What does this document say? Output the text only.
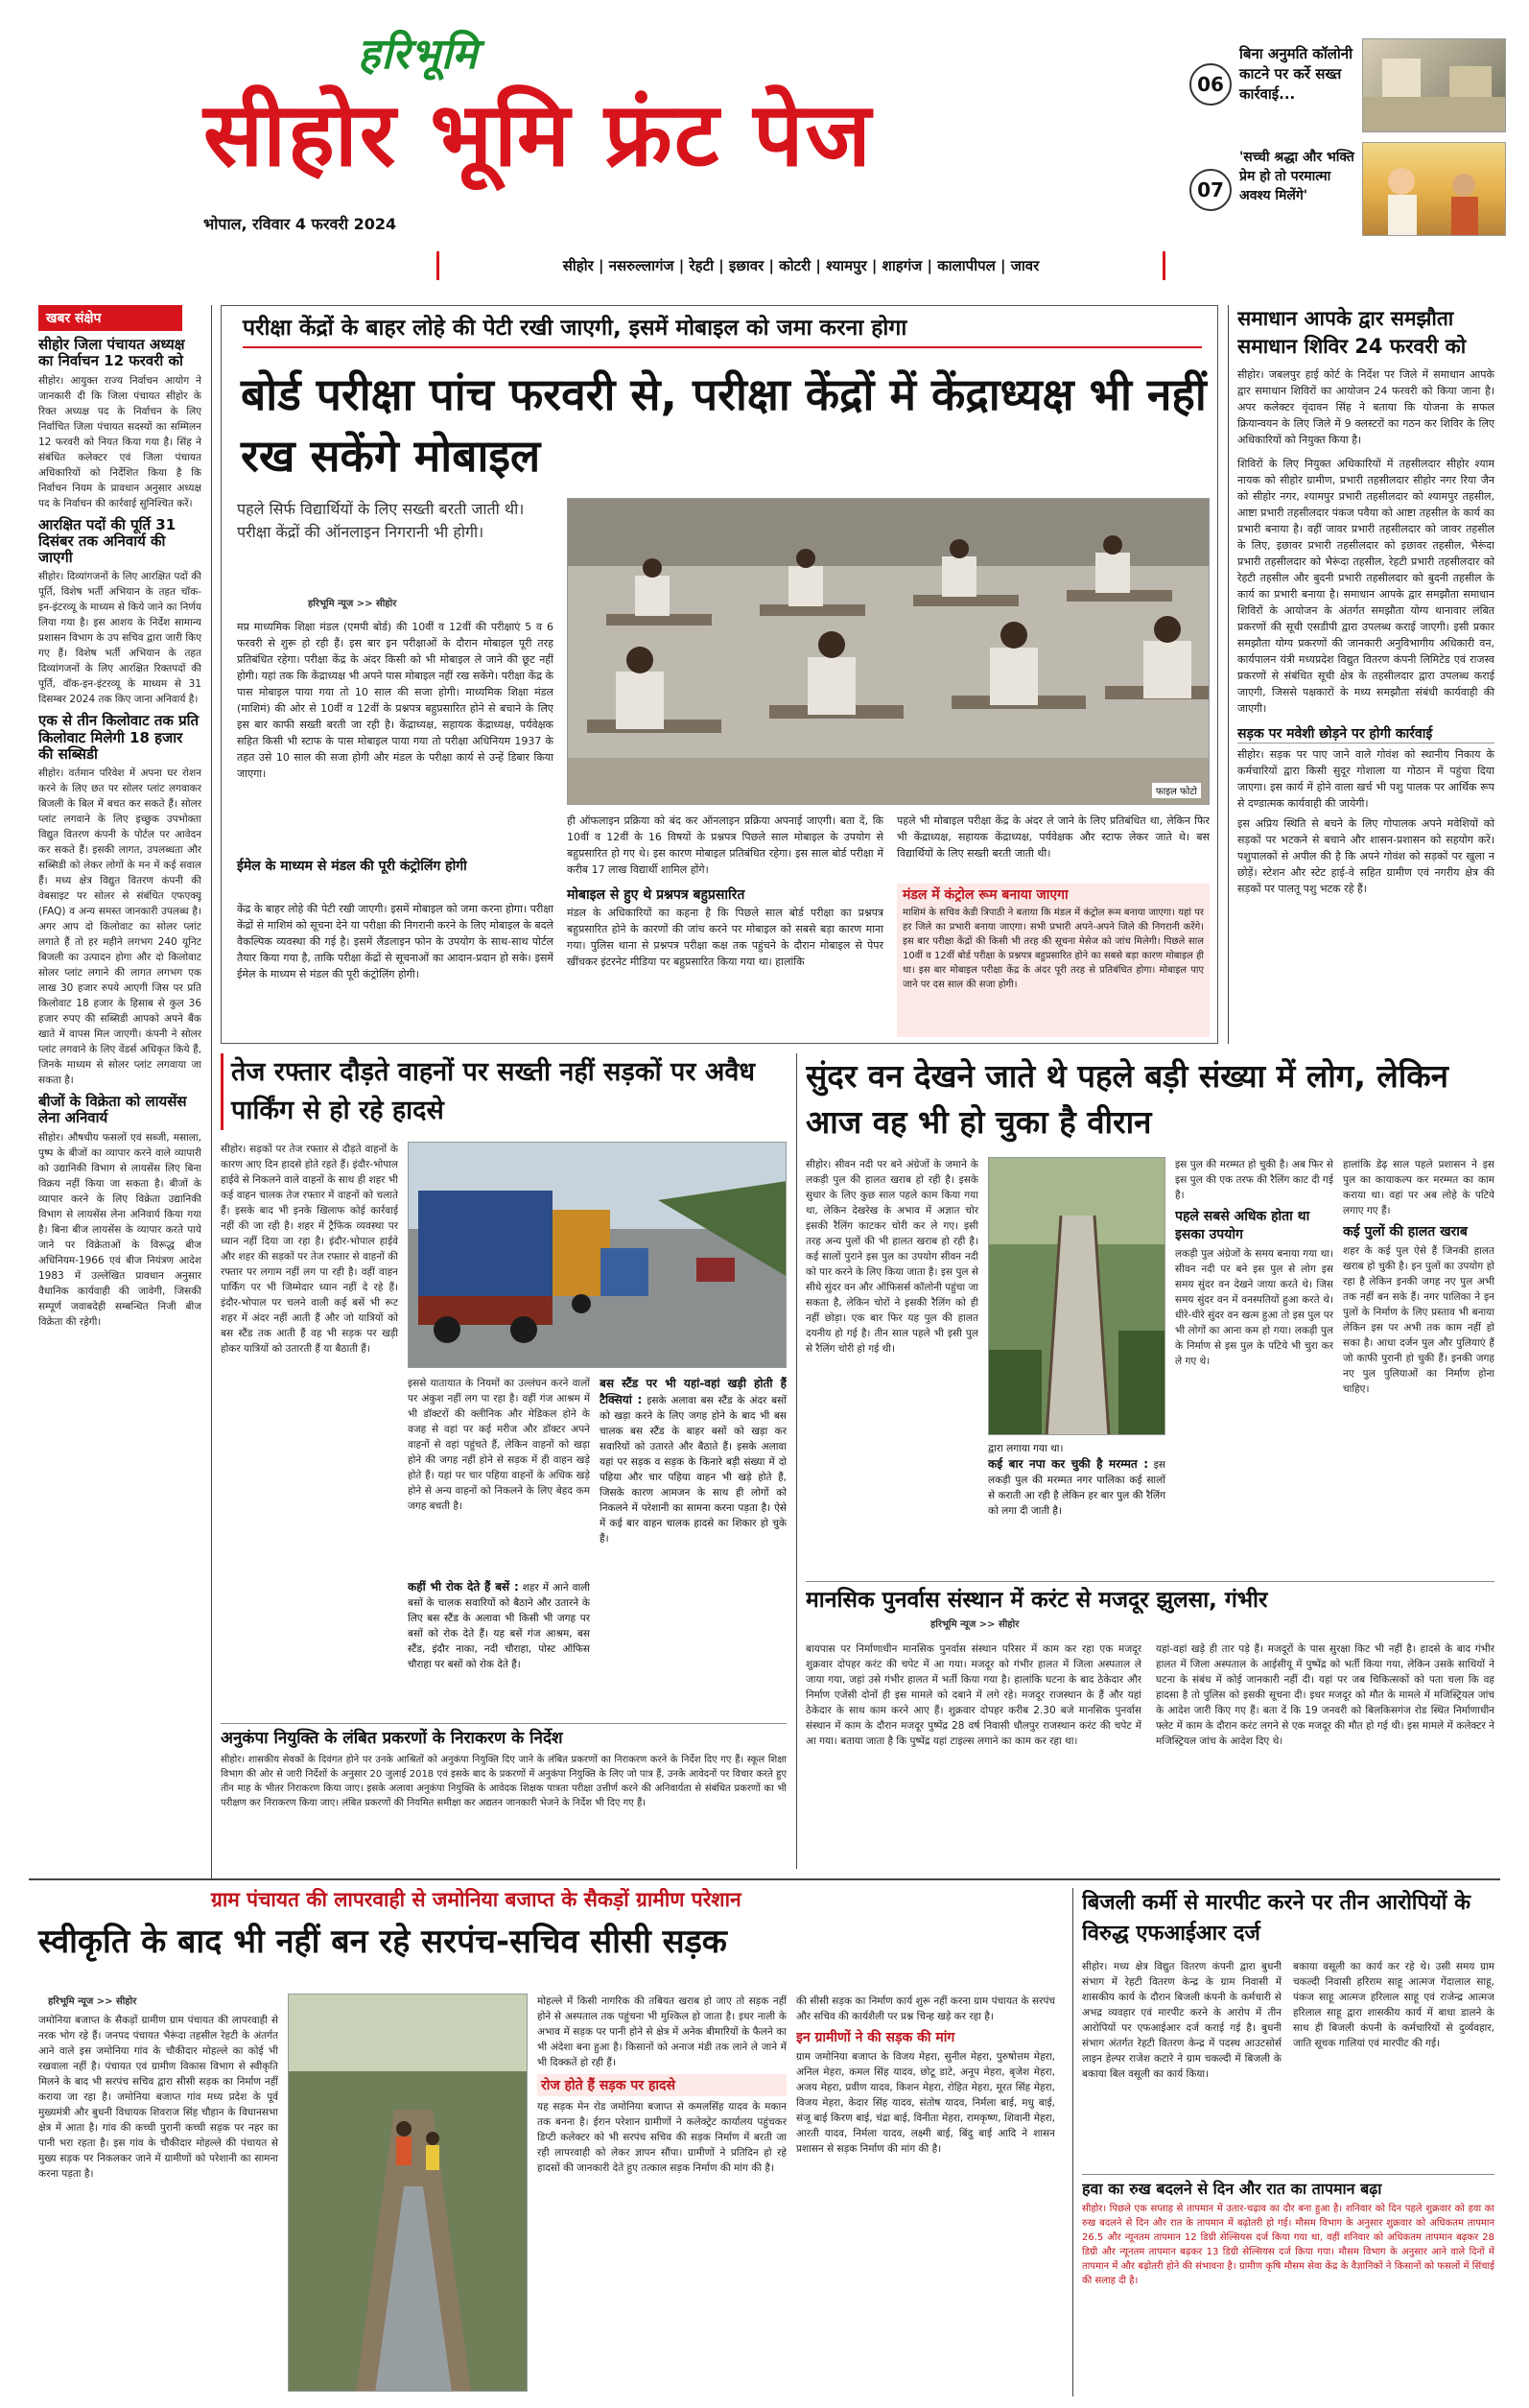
हरिभूमि
सीहोर भूमि फ्रंट पेज
भोपाल, रविवार 4 फरवरी 2024
06
बिना अनुमति कॉलोनी काटने पर कर्रे सख्त कार्रवाई...
07
'सच्ची श्रद्धा और भक्ति प्रेम हो तो परमात्मा अवश्य मिलेंगे'
सीहोर | नसरुल्लागंज | रेहटी | इछावर | कोटरी | श्यामपुर | शाहगंज | कालापीपल | जावर
खबर संक्षेप
सीहोर जिला पंचायत अध्यक्ष का निर्वाचन 12 फरवरी को
सीहोर। आयुक्त राज्य निर्वाचन आयोग ने जानकारी दी कि जिला पंचायत सीहोर के रिक्त अध्यक्ष पद के निर्वाचन के लिए निर्वाचित जिला पंचायत सदस्यों का सम्मिलन 12 फरवरी को नियत किया गया है। सिंह ने संबंधित कलेक्टर एवं जिला पंचायत अधिकारियों को निर्देशित किया है कि निर्वाचन नियम के प्रावधान अनुसार अध्यक्ष पद के निर्वाचन की कार्रवाई सुनिश्चित करें।
आरक्षित पदों की पूर्ति 31 दिसंबर तक अनिवार्य की जाएगी
सीहोर। दिव्यांगजनों के लिए आरक्षित पदों की पूर्ति, विशेष भर्ती अभियान के तहत चॉक-इन-इंटरव्यू के माध्यम से किये जाने का निर्णय लिया गया है। इस आशय के निर्देश सामान्य प्रशासन विभाग के उप सचिव द्वारा जारी किए गए हैं। विशेष भर्ती अभियान के तहत दिव्यांगजनों के लिए आरक्षित रिक्तपदों की पूर्ति, वॉक-इन-इंटरव्यू के माध्यम से 31 दिसम्बर 2024 तक किए जाना अनिवार्य है।
एक से तीन किलोवाट तक प्रति किलोवाट मिलेगी 18 हजार की सब्सिडी
सीहोर। वर्तमान परिवेश में अपना घर रोशन करने के लिए छत पर सोलर प्लांट लगवाकर बिजली के बिल में बचत कर सकते हैं। सोलर प्लांट लगवाने के लिए इच्छुक उपभोक्ता विद्युत वितरण कंपनी के पोर्टल पर आवेदन कर सकते हैं। इसकी लागत, उपलब्धता और सब्सिडी को लेकर लोगों के मन में कई सवाल हैं। मध्य क्षेत्र विद्युत वितरण कंपनी की वेबसाइट पर सोलर से संबंधित एफएक्यू (FAQ) व अन्य समस्त जानकारी उपलब्ध है। अगर आप दो किलोवाट का सोलर प्लांट लगाते हैं तो हर महीने लगभग 240 यूनिट बिजली का उत्पादन होगा और दो किलोवाट सोलर प्लांट लगाने की लागत लगभग एक लाख 30 हजार रुपये आएगी जिस पर प्रति किलोवाट 18 हजार के हिसाब से कुल 36 हजार रुपए की सब्सिडी आपको अपने बैंक खाते में वापस मिल जाएगी। कंपनी ने सोलर प्लांट लगवाने के लिए वेंडर्स अधिकृत किये हैं, जिनके माध्यम से सोलर प्लांट लगवाया जा सकता है।
बीजों के विक्रेता को लायसेंस लेना अनिवार्य
सीहोर। औषधीय फसलों एवं सब्जी, मसाला, पुष्प के बीजों का व्यापार करने वाले व्यापारी को उद्यानिकी विभाग से लायसेंस लिए बिना विक्रय नहीं किया जा सकता है। बीजों के व्यापार करने के लिए विक्रेता उद्यानिकी विभाग से लायसेंस लेना अनिवार्य किया गया है। बिना बीज लायसेंस के व्यापार करते पाये जाने पर विक्रेताओं के विरूद्ध बीज अधिनियम-1966 एवं बीज नियंत्रण आदेश 1983 में उल्लेखित प्रावधान अनुसार वैधानिक कार्यवाही की जावेगी, जिसकी सम्पूर्ण जवाबदेही सम्बन्धित निजी बीज विक्रेता की रहेगी।
परीक्षा केंद्रों के बाहर लोहे की पेटी रखी जाएगी, इसमें मोबाइल को जमा करना होगा
बोर्ड परीक्षा पांच फरवरी से, परीक्षा केंद्रों में केंद्राध्यक्ष भी नहीं रख सकेंगे मोबाइल
पहले सिर्फ विद्यार्थियों के लिए सख्ती बरती जाती थी। परीक्षा केंद्रों की ऑनलाइन निगरानी भी होगी।
हरिभूमि न्यूज >> सीहोर
फाइल फोटो
मप्र माध्यमिक शिक्षा मंडल (एमपी बोर्ड) की 10वीं व 12वीं की परीक्षाएं 5 व 6 फरवरी से शुरू हो रही हैं। इस बार इन परीक्षाओं के दौरान मोबाइल पूरी तरह प्रतिबंधित रहेगा। परीक्षा केंद्र के अंदर किसी को भी मोबाइल ले जाने की छूट नहीं होगी। यहां तक कि केंद्राध्यक्ष भी अपने पास मोबाइल नहीं रख सकेंगे। परीक्षा केंद्र के पास मोबाइल पाया गया तो 10 साल की सजा होगी। माध्यमिक शिक्षा मंडल (माशिमं) की ओर से 10वीं व 12वीं के प्रश्नपत्र बहुप्रसारित होने से बचाने के लिए इस बार काफी सख्ती बरती जा रही है। केंद्राध्यक्ष, सहायक केंद्राध्यक्ष, पर्यवेक्षक सहित किसी भी स्टाफ के पास मोबाइल पाया गया तो परीक्षा अधिनियम 1937 के तहत उसे 10 साल की सजा होगी और मंडल के परीक्षा कार्य से उन्हें डिबार किया जाएगा।
ईमेल के माध्यम से मंडल की पूरी कंट्रोलिंग होगी
केंद्र के बाहर लोहे की पेटी रखी जाएगी। इसमें मोबाइल को जमा करना होगा। परीक्षा केंद्रों से माशिमं को सूचना देने या परीक्षा की निगरानी करने के लिए मोबाइल के बदले वैकल्पिक व्यवस्था की गई है। इसमें लैंडलाइन फोन के उपयोग के साथ-साथ पोर्टल तैयार किया गया है, ताकि परीक्षा केंद्रों से सूचनाओं का आदान-प्रदान हो सके। इसमें ईमेल के माध्यम से मंडल की पूरी कंट्रोलिंग होगी।
ही ऑफलाइन प्रक्रिया को बंद कर ऑनलाइन प्रक्रिया अपनाई जाएगी। बता दें, कि 10वीं व 12वीं के 16 विषयों के प्रश्नपत्र पिछले साल मोबाइल के उपयोग से बहुप्रसारित हो गए थे। इस कारण मोबाइल प्रतिबंधित रहेगा। इस साल बोर्ड परीक्षा में करीब 17 लाख विद्यार्थी शामिल होंगे।
मोबाइल से हुए थे प्रश्नपत्र बहुप्रसारित
मंडल के अधिकारियों का कहना है कि पिछले साल बोर्ड परीक्षा का प्रश्नपत्र बहुप्रसारित होने के कारणों की जांच करने पर मोबाइल को सबसे बड़ा कारण माना गया। पुलिस थाना से प्रश्नपत्र परीक्षा कक्ष तक पहुंचने के दौरान मोबाइल से पेपर खींचकर इंटरनेट मीडिया पर बहुप्रसारित किया गया था। हालांकि
पहले भी मोबाइल परीक्षा केंद्र के अंदर ले जाने के लिए प्रतिबंधित था, लेकिन फिर भी केंद्राध्यक्ष, सहायक केंद्राध्यक्ष, पर्यवेक्षक और स्टाफ लेकर जाते थे। बस विद्यार्थियों के लिए सख्ती बरती जाती थी।
मंडल में कंट्रोल रूम बनाया जाएगा
माशिमं के सचिव केडी त्रिपाठी ने बताया कि मंडल में कंट्रोल रूम बनाया जाएगा। यहां पर हर जिले का प्रभारी बनाया जाएगा। सभी प्रभारी अपने-अपने जिले की निगरानी करेंगे। इस बार परीक्षा केंद्रों की किसी भी तरह की सूचना मेसेज को जांच मिलेगी। पिछले साल 10वीं व 12वीं बोर्ड परीक्षा के प्रश्नपत्र बहुप्रसारित होने का सबसे बड़ा कारण मोबाइल ही था। इस बार मोबाइल परीक्षा केंद्र के अंदर पूरी तरह से प्रतिबंधित होगा। मोबाइल पाए जाने पर दस साल की सजा होगी।
समाधान आपके द्वार समझौता समाधान शिविर 24 फरवरी को
सीहोर। जबलपुर हाई कोर्ट के निर्देश पर जिले में समाधान आपके द्वार समाधान शिविरों का आयोजन 24 फरवरी को किया जाना है। अपर कलेक्टर वृंदावन सिंह ने बताया कि योजना के सफल क्रियान्वयन के लिए जिले में 9 क्लस्टरों का गठन कर शिविर के लिए अधिकारियों को नियुक्त किया है।
शिविरों के लिए नियुक्त अधिकारियों में तहसीलदार सीहोर श्याम नायक को सीहोर ग्रामीण, प्रभारी तहसीलदार सीहोर नगर रिया जैन को सीहोर नगर, श्यामपुर प्रभारी तहसीलदार को श्यामपुर तहसील, आष्टा प्रभारी तहसीलदार पंकज पवैया को आष्टा तहसील के कार्य का प्रभारी बनाया है। वहीं जावर प्रभारी तहसीलदार को जावर तहसील के लिए, इछावर प्रभारी तहसीलदार को इछावर तहसील, भैरूंदा प्रभारी तहसीलदार को भैरूंदा तहसील, रेहटी प्रभारी तहसीलदार को रेहटी तहसील और बुदनी प्रभारी तहसीलदार को बुदनी तहसील के कार्य का प्रभारी बनाया है। समाधान आपके द्वार समझौता समाधान शिविरों के आयोजन के अंतर्गत समझौता योग्य थानावार लंबित प्रकरणों की सूची एसडीपी द्वारा उपलब्ध कराई जाएगी। इसी प्रकार समझौता योग्य प्रकरणों की जानकारी अनुविभागीय अधिकारी वन, कार्यपालन यंत्री मध्यप्रदेश विद्युत वितरण कंपनी लिमिटेड एवं राजस्व प्रकरणों से संबंधित सूची क्षेत्र के तहसीलदार द्वारा उपलब्ध कराई जाएगी, जिससे पक्षकारों के मध्य समझौता संबंधी कार्यवाही की जाएगी।
सड़क पर मवेशी छोड़ने पर होगी कार्रवाई
सीहोर। सड़क पर पाए जाने वाले गोवंश को स्थानीय निकाय के कर्मचारियों द्वारा किसी सुदूर गोशाला या गोठान में पहुंचा दिया जाएगा। इस कार्य में होने वाला खर्च भी पशु पालक पर आर्थिक रूप से दण्डात्मक कार्यवाही की जायेगी।
इस अप्रिय स्थिति से बचने के लिए गोपालक अपने मवेशियों को सड़कों पर भटकने से बचाने और शासन-प्रशासन को सहयोग करें। पशुपालकों से अपील की है कि अपने गोवंश को सड़कों पर खुला न छोड़ें। स्टेशन और स्टेट हाई-वे सहित ग्रामीण एवं नगरीय क्षेत्र की सड़कों पर पालतू पशु भटक रहे हैं।
तेज रफ्तार दौड़ते वाहनों पर सख्ती नहीं सड़कों पर अवैध पार्किंग से हो रहे हादसे
सीहोर। सड़कों पर तेज रफ्तार से दौड़ते वाहनों के कारण आए दिन हादसे होते रहते हैं। इंदौर-भोपाल हाईवे से निकलने वाले वाहनों के साथ ही शहर भी कई वाहन चालक तेज रफ्तार में वाहनों को चलाते हैं। इसके बाद भी इनके खिलाफ कोई कार्रवाई नहीं की जा रही है। शहर में ट्रैफिक व्यवस्था पर ध्यान नहीं दिया जा रहा है। इंदौर-भोपाल हाईवे और शहर की सड़कों पर तेज रफ्तार से वाहनों की रफ्तार पर लगाम नहीं लग पा रही है। वहीं वाहन पार्किंग पर भी जिम्मेदार ध्यान नहीं दे रहे हैं। इंदौर-भोपाल पर चलने वाली कई बसें भी रूट शहर में अंदर नहीं आती हैं और जो यात्रियों को बस स्टैंड तक आती हैं वह भी सड़क पर खड़ी होकर यात्रियों को उतारती हैं या बैठाती हैं।
इससे यातायात के नियमों का उल्लंघन करने वालों पर अंकुश नहीं लग पा रहा है। वहीं गंज आश्रम में भी डॉक्टरों की क्लीनिक और मेडिकल होने के वजह से वहां पर कई मरीज और डॉक्टर अपने वाहनों से वहां पहुंचते हैं, लेकिन वाहनों को खड़ा होने की जगह नहीं होने से सड़क में ही वाहन खड़े होते हैं। यहां पर चार पहिया वाहनों के अधिक खड़े होने से अन्य वाहनों को निकलने के लिए बेहद कम जगह बचती है।
कहीं भी रोक देते हैं बसें : शहर में आने वाली बसों के चालक सवारियों को बैठाने और उतारने के लिए बस स्टैंड के अलावा भी किसी भी जगह पर बसों को रोक देते हैं। यह बसें गंज आश्रम, बस स्टैंड, इंदौर नाका, नदी चौराहा, पोस्ट ऑफिस चौराहा पर बसों को रोक देते हैं।
बस स्टैंड पर भी यहां-वहां खड़ी होती हैं टैक्सियां : इसके अलावा बस स्टैंड के अंदर बसों को खड़ा करने के लिए जगह होने के बाद भी बस चालक बस स्टैंड के बाहर बसों को खड़ा कर सवारियों को उतारते और बैठाते हैं। इसके अलावा यहां पर सड़क व सड़क के किनारे बड़ी संख्या में दो पहिया और चार पहिया वाहन भी खड़े होते हैं, जिसके कारण आमजन के साथ ही लोगों को निकलने में परेशानी का सामना करना पड़ता है। ऐसे में कई बार वाहन चालक हादसे का शिकार हो चुके हैं।
अनुकंपा नियुक्ति के लंबित प्रकरणों के निराकरण के निर्देश
सीहोर। शासकीय सेवकों के दिवंगत होने पर उनके आश्रितों को अनुकंपा नियुक्ति दिए जाने के लंबित प्रकरणों का निराकरण करने के निर्देश दिए गए हैं। स्कूल शिक्षा विभाग की ओर से जारी निर्देशों के अनुसार 20 जुलाई 2018 एवं इसके बाद के प्रकरणों में अनुकंपा नियुक्ति के लिए जो पात्र हैं, उनके आवेदनों पर विचार करते हुए तीन माह के भीतर निराकरण किया जाए। इसके अलावा अनुकंपा नियुक्ति के आवेदक शिक्षक पात्रता परीक्षा उत्तीर्ण करने की अनिवार्यता से संबंधित प्रकरणों का भी परीक्षण कर निराकरण किया जाए। लंबित प्रकरणों की नियमित समीक्षा कर अद्यतन जानकारी भेजने के निर्देश भी दिए गए हैं।
सुंदर वन देखने जाते थे पहले बड़ी संख्या में लोग, लेकिन आज वह भी हो चुका है वीरान
सीहोर। सीवन नदी पर बने अंग्रेजों के जमाने के लकड़ी पुल की हालत खराब हो रही है। इसके सुधार के लिए कुछ साल पहले काम किया गया था, लेकिन देखरेख के अभाव में अज्ञात चोर इसकी रैलिंग काटकर चोरी कर ले गए। इसी तरह अन्य पुलों की भी हालत खराब हो रही है। कई सालों पुराने इस पुल का उपयोग सीवन नदी को पार करने के लिए किया जाता है। इस पुल से सीधे सुंदर वन और ऑफिसर्स कॉलोनी पहुंचा जा सकता है, लेकिन चोरों ने इसकी रैलिंग को ही नहीं छोड़ा। एक बार फिर यह पुल की हालत दयनीय हो गई है। तीन साल पहले भी इसी पुल से रैलिंग चोरी हो गई थी।
द्वारा लगाया गया था।
कई बार नपा कर चुकी है मरम्मत : इस लकड़ी पुल की मरम्मत नगर पालिका कई सालों से कराती आ रही है लेकिन हर बार पुल की रैलिंग को लगा दी जाती है।
इस पुल की मरम्मत हो चुकी है। अब फिर से इस पुल की एक तरफ की रैलिंग काट दी गई है।
पहले सबसे अधिक होता था इसका उपयोग
लकड़ी पुल अंग्रेजों के समय बनाया गया था। सीवन नदी पर बने इस पुल से लोग इस समय सुंदर वन देखने जाया करते थे। जिस समय सुंदर वन में वनस्पतियों हुआ करते थे। धीरे-धीरे सुंदर वन खत्म हुआ तो इस पुल पर भी लोगों का आना कम हो गया। लकड़ी पुल के निर्माण से इस पुल के पटिये भी चुरा कर ले गए थे।
हालांकि डेढ़ साल पहले प्रशासन ने इस पुल का कायाकल्प कर मरम्मत का काम कराया था। वहां पर अब लोहे के पटिये लगाए गए हैं।
कई पुलों की हालत खराब
शहर के कई पुल ऐसे हैं जिनकी हालत खराब हो चुकी है। इन पुलों का उपयोग हो रहा है लेकिन इनकी जगह नए पुल अभी तक नहीं बन सके हैं। नगर पालिका ने इन पुलों के निर्माण के लिए प्रस्ताव भी बनाया लेकिन इस पर अभी तक काम नहीं हो सका है। आधा दर्जन पुल और पुलियाएं हैं जो काफी पुरानी हो चुकी हैं। इनकी जगह नए पुल पुलियाओं का निर्माण होना चाहिए।
मानसिक पुनर्वास संस्थान में करंट से मजदूर झुलसा, गंभीर
हरिभूमि न्यूज >> सीहोर
बायपास पर निर्माणाधीन मानसिक पुनर्वास संस्थान परिसर में काम कर रहा एक मजदूर शुक्रवार दोपहर करंट की चपेट में आ गया। मजदूर को गंभीर हालत में जिला अस्पताल ले जाया गया, जहां उसे गंभीर हालत में भर्ती किया गया है। हालांकि घटना के बाद ठेकेदार और निर्माण एजेंसी दोनों ही इस मामले को दबाने में लगे रहे। मजदूर राजस्थान के हैं और यहां ठेकेदार के साथ काम करने आए हैं। शुक्रवार दोपहर करीब 2.30 बजे मानसिक पुनर्वास संस्थान में काम के दौरान मजदूर पुष्पेंद्र 28 वर्ष निवासी धौलपुर राजस्थान करंट की चपेट में आ गया। बताया जाता है कि पुष्पेंद्र यहां टाइल्स लगाने का काम कर रहा था।
यहां-वहां खड़े ही तार पड़े हैं। मजदूरों के पास सुरक्षा किट भी नहीं है। हादसे के बाद गंभीर हालत में जिला अस्पताल के आईसीयू में पुष्पेंद्र को भर्ती किया गया, लेकिन उसके साथियों ने घटना के संबंध में कोई जानकारी नहीं दी। यहां पर जब चिकित्सकों को पता चला कि वह हादसा है तो पुलिस को इसकी सूचना दी। इधर मजदूर को मौत के मामले में मजिस्ट्रियल जांच के आदेश जारी किए गए हैं। बता दें कि 19 जनवरी को बिलकिसगंज रोड स्थित निर्माणाधीन फ्लेट में काम के दौरान करंट लगने से एक मजदूर की मौत हो गई थी। इस मामले में कलेक्टर ने मजिस्ट्रियल जांच के आदेश दिए थे।
ग्राम पंचायत की लापरवाही से जमोनिया बजाप्त के सैकड़ों ग्रामीण परेशान
स्वीकृति के बाद भी नहीं बन रहे सरपंच-सचिव सीसी सड़क
हरिभूमि न्यूज >> सीहोर
जमोनिया बजाप्त के सैकड़ों ग्रामीण ग्राम पंचायत की लापरवाही से नरक भोग रहे हैं। जनपद पंचायत भैरूंदा तहसील रेहटी के अंतर्गत आने वाले इस जमोनिया गांव के चौकीदार मोहल्ले का कोई भी रखवाला नहीं है। पंचायत एवं ग्रामीण विकास विभाग से स्वीकृति मिलने के बाद भी सरपंच सचिव द्वारा सीसी सड़क का निर्माण नहीं कराया जा रहा है। जमोनिया बजाप्त गांव मध्य प्रदेश के पूर्व मुख्यमंत्री और बुधनी विधायक शिवराज सिंह चौहान के विधानसभा क्षेत्र में आता है। गांव की कच्ची पुरानी कच्ची सड़क पर नहर का पानी भरा रहता है। इस गांव के चौकीदार मोहल्ले की पंचायत से मुख्य सड़क पर निकलकर जाने में ग्रामीणों को परेशानी का सामना करना पड़ता है।
मोहल्ले में किसी नागरिक की तबियत खराब हो जाए तो सड़क नहीं होने से अस्पताल तक पहुंचना भी मुश्किल हो जाता है। इधर नाली के अभाव में सड़क पर पानी होने से क्षेत्र में अनेक बीमारियों के फैलने का भी अंदेशा बना हुआ है। किसानों को अनाज मंडी तक लाने ले जाने में भी दिक्कतें हो रही हैं।
रोज होते हैं सड़क पर हादसे
यह सड़क मेन रोड जमोनिया बजाप्त से कमलसिंह यादव के मकान तक बनना है। ईरान परेशान ग्रामीणों ने कलेक्ट्रेट कार्यालय पहुंचकर डिप्टी कलेक्टर को भी सरपंच सचिव की सड़क निर्माण में बरती जा रही लापरवाही को लेकर ज्ञापन सौंपा। ग्रामीणों ने प्रतिदिन हो रहे हादसों की जानकारी देते हुए तत्काल सड़क निर्माण की मांग की है।
की सीसी सड़क का निर्माण कार्य शुरू नहीं करना ग्राम पंचायत के सरपंच और सचिव की कार्यशैली पर प्रश्न चिन्ह खड़े कर रहा है।
इन ग्रामीणों ने की सड़क की मांग
ग्राम जमोनिया बजाप्त के विजय मेहरा, सुनील मेहरा, पुरुषोत्तम मेहरा, अनिल मेहरा, कमल सिंह यादव, छोटू डाटे, अनूप मेहरा, बृजेश मेहरा, अजय मेहरा, प्रवीण यादव, किशन मेहरा, रोहित मेहरा, मूरत सिंह मेहरा, विजय मेहरा, केदार सिंह यादव, संतोष यादव, निर्मला बाई, मधु बाई, संजू बाई किरण बाई, चंद्रा बाई, विनीता मेहरा, रामकृष्ण, शिवानी मेहरा, आरती यादव, निर्मला यादव, लक्ष्मी बाई, बिंदु बाई आदि ने शासन प्रशासन से सड़क निर्माण की मांग की है।
बिजली कर्मी से मारपीट करने पर तीन आरोपियों के विरुद्ध एफआईआर दर्ज
सीहोर। मध्य क्षेत्र विद्युत वितरण कंपनी द्वारा बुधनी संभाग में रेहटी वितरण केन्द्र के ग्राम निवासी में शासकीय कार्य के दौरान बिजली कंपनी के कर्मचारी से अभद्र व्यवहार एवं मारपीट करने के आरोप में तीन आरोपियों पर एफआईआर दर्ज कराई गई है। बुधनी संभाग अंतर्गत रेहटी वितरण केन्द्र में पदस्थ आउटसोर्स लाइन हेल्पर राजेश कटारे ने ग्राम चकल्दी में बिजली के बकाया बिल वसूली का कार्य किया।
बकाया वसूली का कार्य कर रहे थे। उसी समय ग्राम चकल्दी निवासी हरिराम साहू आत्मज गेंदालाल साहू, पंकज साहू आत्मज हरिलाल साहू एवं राजेन्द्र आत्मज हरिलाल साहू द्वारा शासकीय कार्य में बाधा डालने के साथ ही बिजली कंपनी के कर्मचारियों से दुर्व्यवहार, जाति सूचक गालियां एवं मारपीट की गई।
हवा का रुख बदलने से दिन और रात का तापमान बढ़ा
सीहोर। पिछले एक सप्ताह से तापमान में उतार-चढ़ाव का दौर बना हुआ है। शनिवार को दिन पहले शुक्रवार को हवा का रुख बदलने से दिन और रात के तापमान में बढ़ोतरी हो गई। मौसम विभाग के अनुसार शुक्रवार को अधिकतम तापमान 26.5 और न्यूनतम तापमान 12 डिग्री सेल्सियस दर्ज किया गया था, वहीं शनिवार को अधिकतम तापमान बढ़कर 28 डिग्री और न्यूनतम तापमान बढ़कर 13 डिग्री सेल्सियस दर्ज किया गया। मौसम विभाग के अनुसार आने वाले दिनों में तापमान में और बढ़ोतरी होने की संभावना है। ग्रामीण कृषि मौसम सेवा केंद्र के वैज्ञानिकों ने किसानों को फसलों में सिंचाई की सलाह दी है।
